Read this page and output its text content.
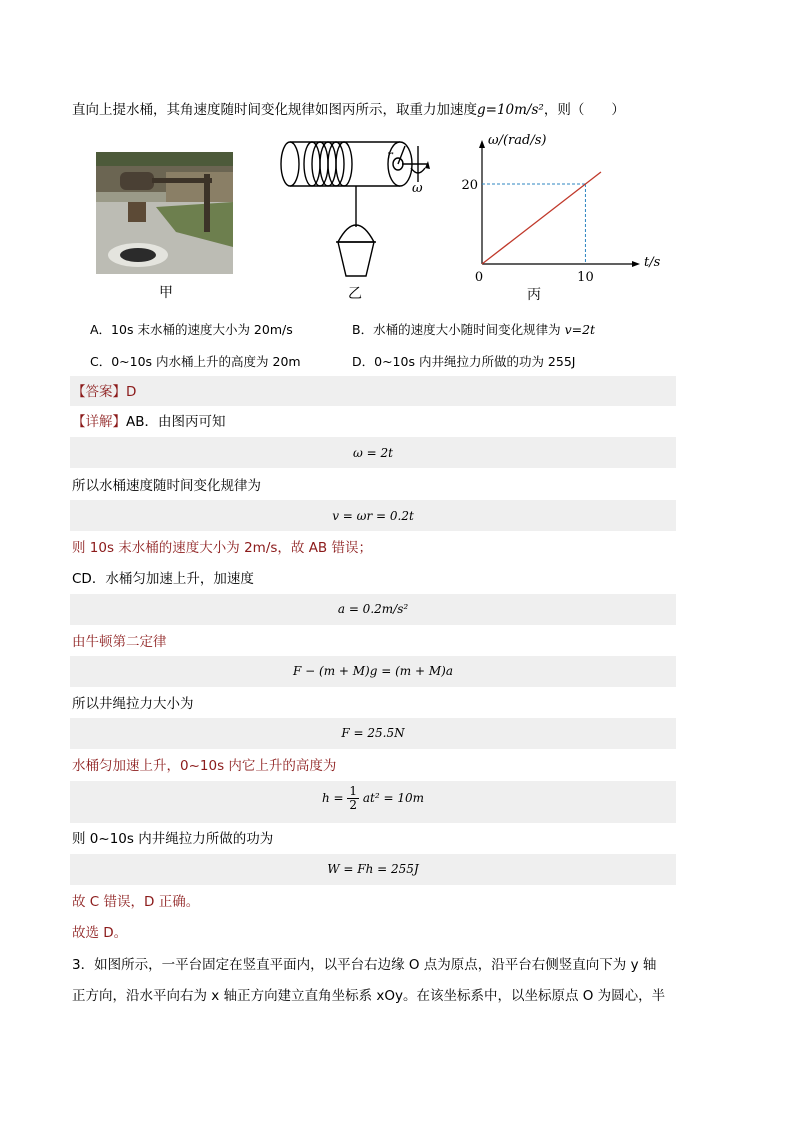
直向上提水桶，其角速度随时间变化规律如图丙所示，取重力加速度g=10m/s²，则（　　）
甲
r
ω
乙
t/s
ω/(rad/s)
0	10
20
丙
A．10s 末水桶的速度大小为 20m/s	B．水桶的速度大小随时间变化规律为 v=2t
C．0~10s 内水桶上升的高度为 20m	D．0~10s 内井绳拉力所做的功为 255J
【答案】D
【详解】AB．由图丙可知
ω = 2t
所以水桶速度随时间变化规律为
v = ωr = 0.2t
则 10s 末水桶的速度大小为 2m/s，故 AB 错误；
CD．水桶匀加速上升，加速度
a = 0.2m/s²
由牛顿第二定律
F − (m + M)g = (m + M)a
所以井绳拉力大小为
F = 25.5N
水桶匀加速上升，0~10s 内它上升的高度为
$h = \frac{1}{2} at^2 = 10m$
则 0~10s 内井绳拉力所做的功为
W = Fh = 255J
故 C 错误，D 正确。
故选 D。
3．如图所示，一平台固定在竖直平面内，以平台右边缘 O 点为原点，沿平台右侧竖直向下为 y 轴
正方向，沿水平向右为 x 轴正方向建立直角坐标系 xOy。在该坐标系中，以坐标原点 O 为圆心，半
